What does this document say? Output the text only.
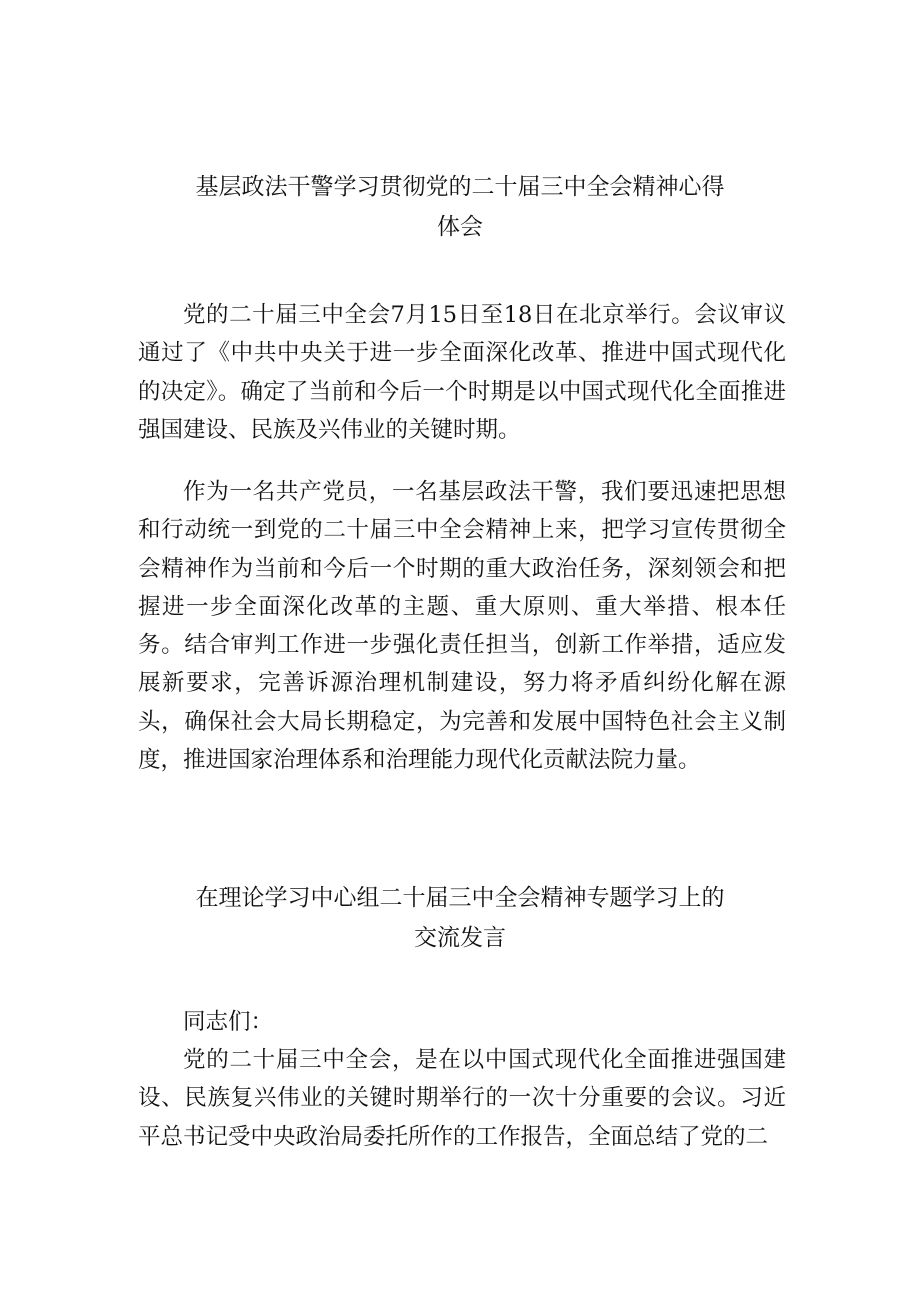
基层政法干警学习贯彻党的二十届三中全会精神心得
体会

党的二十届三中全会7月15日至18日在北京举行。会议审议通过了《中共中央关于进一步全面深化改革、推进中国式现代化的决定》。确定了当前和今后一个时期是以中国式现代化全面推进强国建设、民族及兴伟业的关键时期。

作为一名共产党员，一名基层政法干警，我们要迅速把思想和行动统一到党的二十届三中全会精神上来，把学习宣传贯彻全会精神作为当前和今后一个时期的重大政治任务，深刻领会和把握进一步全面深化改革的主题、重大原则、重大举措、根本任务。结合审判工作进一步强化责任担当，创新工作举措，适应发展新要求，完善诉源治理机制建设，努力将矛盾纠纷化解在源头，确保社会大局长期稳定，为完善和发展中国特色社会主义制度，推进国家治理体系和治理能力现代化贡献法院力量。

在理论学习中心组二十届三中全会精神专题学习上的
交流发言

同志们：

党的二十届三中全会，是在以中国式现代化全面推进强国建设、民族复兴伟业的关键时期举行的一次十分重要的会议。习近平总书记受中央政治局委托所作的工作报告，全面总结了党的二
